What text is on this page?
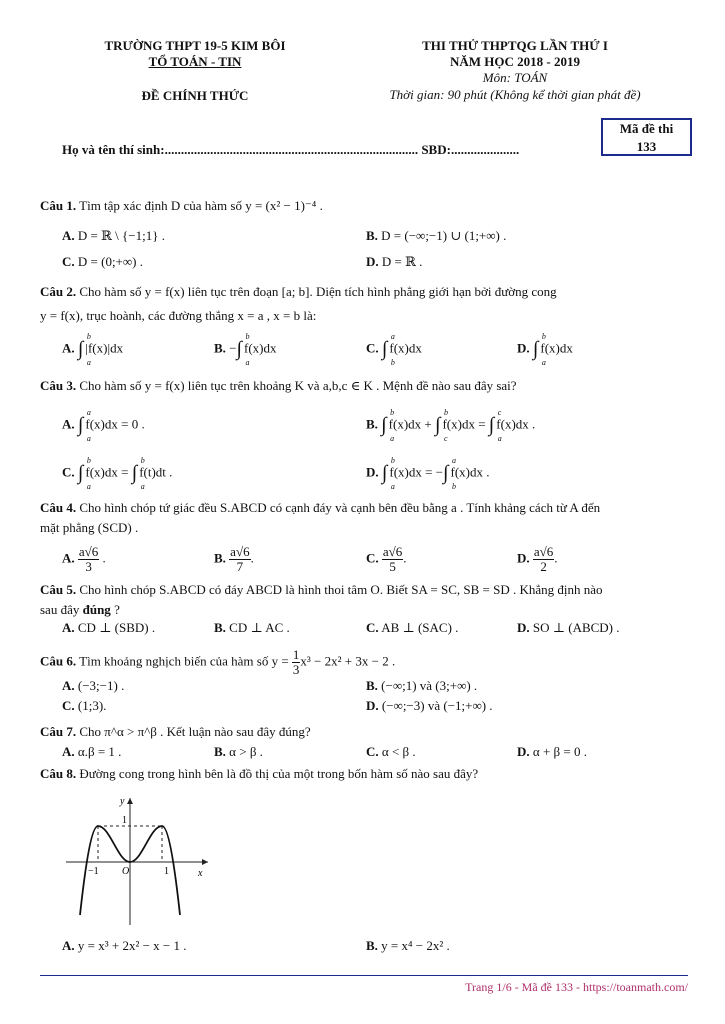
TRƯỜNG THPT 19-5 KIM BÔI
TỔ TOÁN - TIN
ĐỀ CHÍNH THỨC
THI THỬ THPTQG LẦN THỨ I
NĂM HỌC 2018 - 2019
Môn: TOÁN
Thời gian: 90 phút (Không kể thời gian phát đề)
Họ và tên thí sinh:.............................................................................. SBD:.....................
Mã đề thi
133
Câu 1. Tìm tập xác định D của hàm số y = (x² − 1)⁻⁴ .
A. D = ℝ \ {−1;1} .	B. D = (−∞;−1) ∪ (1;+∞) .
C. D = (0;+∞) .	D. D = ℝ .
Câu 2. Cho hàm số y = f(x) liên tục trên đoạn [a; b]. Diện tích hình phẳng giới hạn bởi đường cong
y = f(x), trục hoành, các đường thẳng x = a , x = b là:
A. ∫
b
a
|f(x)|dx	B. −∫
b
a
f(x)dx	C. ∫
a
b
f(x)dx	D. ∫
b
a
f(x)dx
Câu 3. Cho hàm số y = f(x) liên tục trên khoảng K và a,b,c ∈ K . Mệnh đề nào sau đây sai?
A. ∫
a
a
f(x)dx = 0 .	B. ∫
b
a
f(x)dx + ∫
b
c
f(x)dx = ∫
c
a
f(x)dx .
C. ∫
b
a
f(x)dx = ∫
b
a
f(t)dt .	D. ∫
b
a
f(x)dx = −∫
a
b
f(x)dx .
Câu 4. Cho hình chóp tứ giác đều S.ABCD có cạnh đáy và cạnh bên đều bằng a . Tính khảng cách từ A đến
mặt phẳng (SCD) .
A. $\frac{a√6}{3}$ .	B. $\frac{a√6}{7}$ .	C. $\frac{a√6}{5}$ .	D. $\frac{a√6}{2}$ .
Câu 5. Cho hình chóp S.ABCD có đáy ABCD là hình thoi tâm O. Biết SA = SC, SB = SD . Khẳng định nào
sau đây đúng ?
A. CD ⊥ (SBD) .	B. CD ⊥ AC .	C. AB ⊥ (SAC) .	D. SO ⊥ (ABCD) .
Câu 6. Tìm khoảng nghịch biến của hàm số $y = \frac{1}{3} x^3 - 2x^2 + 3x - 2$ .
A. (−3;−1) .	B. (−∞;1) và (3;+∞) .
C. (1;3).	D. (−∞;−3) và (−1;+∞) .
Câu 7. Cho π^α > π^β . Kết luận nào sau đây đúng?
A. α.β = 1 .	B. α > β .	C. α < β .	D. α + β = 0 .
Câu 8. Đường cong trong hình bên là đồ thị của một trong bốn hàm số nào sau đây?
y
x
−1 O	1
1
A. y = x³ + 2x² − x − 1 .	B. y = x⁴ − 2x² .
Trang 1/6 - Mã đề 133 - https://toanmath.com/
